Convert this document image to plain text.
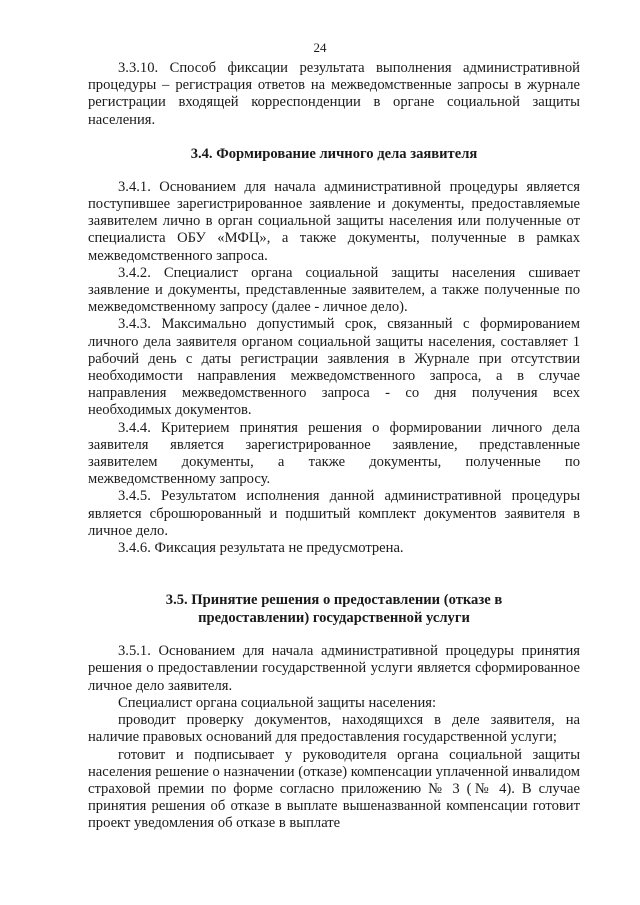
24

3.3.10. Способ фиксации результата выполнения административной процедуры – регистрация ответов на межведомственные запросы в журнале регистрации входящей корреспонденции в органе социальной защиты населения.

3.4. Формирование личного дела заявителя

3.4.1. Основанием для начала административной процедуры является поступившее зарегистрированное заявление и документы, предоставляемые заявителем лично в орган социальной защиты населения или полученные от специалиста ОБУ «МФЦ», а также документы, полученные в рамках межведомственного запроса.

3.4.2. Специалист органа социальной защиты населения сшивает заявление и документы, представленные заявителем, а также полученные по межведомственному запросу (далее - личное дело).

3.4.3. Максимально допустимый срок, связанный с формированием личного дела заявителя органом социальной защиты населения, составляет 1 рабочий день с даты регистрации заявления в Журнале при отсутствии необходимости направления межведомственного запроса, а в случае направления межведомственного запроса - со дня получения всех необходимых документов.

3.4.4. Критерием принятия решения о формировании личного дела заявителя является зарегистрированное заявление, представленные заявителем документы, а также документы, полученные по межведомственному запросу.

3.4.5. Результатом исполнения данной административной процедуры является сброшюрованный и подшитый комплект документов заявителя в личное дело.

3.4.6. Фиксация результата не предусмотрена.

3.5. Принятие решения о предоставлении (отказе в

предоставлении) государственной услуги

3.5.1. Основанием для начала административной процедуры принятия решения о предоставлении государственной услуги является сформированное личное дело заявителя.

Специалист органа социальной защиты населения:

проводит проверку документов, находящихся в деле заявителя, на наличие правовых оснований для предоставления государственной услуги;

готовит и подписывает у руководителя органа социальной защиты населения решение о назначении (отказе) компенсации уплаченной инвалидом страховой премии по форме согласно приложению № 3 (№ 4). В случае принятия решения об отказе в выплате вышеназванной компенсации готовит проект уведомления об отказе в выплате
